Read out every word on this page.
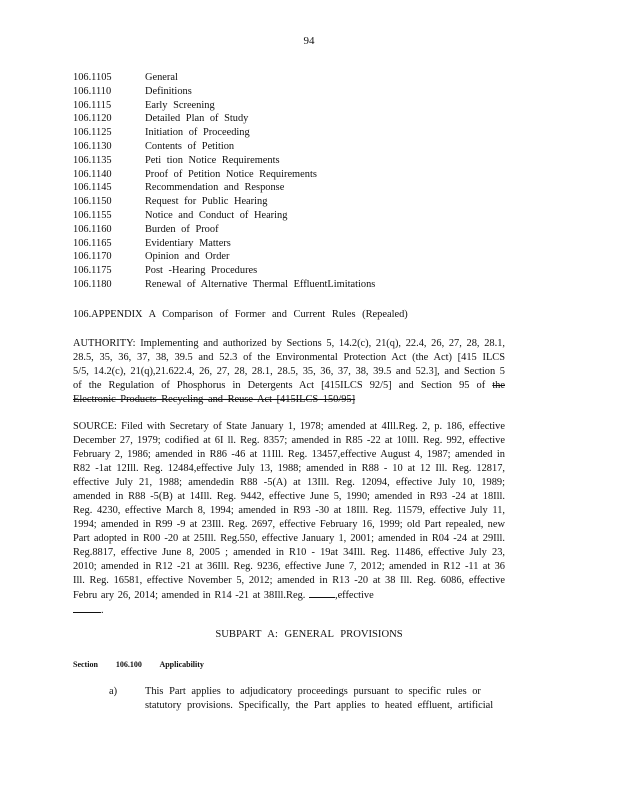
94
106.1105	General
106.1110	Definitions
106.1115	Early Screening
106.1120	Detailed Plan of Study
106.1125	Initiation of Proceeding
106.1130	Contents of Petition
106.1135	Peti tion Notice Requirements
106.1140	Proof of Petition Notice Requirements
106.1145	Recommendation and Response
106.1150	Request for Public Hearing
106.1155	Notice and Conduct of Hearing
106.1160	Burden of Proof
106.1165	Evidentiary Matters
106.1170	Opinion and Order
106.1175	Post -Hearing Procedures
106.1180	Renewal of Alternative Thermal EffluentLimitations
106.APPENDIX A Comparison of Former and Current Rules (Repealed)
AUTHORITY: Implementing and authorized by Sections 5, 14.2(c), 21(q), 22.4, 26, 27, 28, 28.1, 28.5, 35, 36, 37, 38, 39.5 and 52.3 of the Environmental Protection Act (the Act) [415 ILCS 5/5, 14.2(c), 21(q),21.622.4, 26, 27, 28, 28.1, 28.5, 35, 36, 37, 38, 39.5 and 52.3], and Section 5 of the Regulation of Phosphorus in Detergents Act [415ILCS 92/5] and Section 95 of the Electronic Products Recycling and Reuse Act [415ILCS 150/95]
SOURCE: Filed with Secretary of State January 1, 1978; amended at 4Ill.Reg. 2, p. 186, effective December 27, 1979; codified at 6I ll. Reg. 8357; amended in R85 -22 at 10Ill. Reg. 992, effective February 2, 1986; amended in R86 -46 at 11Ill. Reg. 13457,effective August 4, 1987; amended in R82 -1at 12Ill. Reg. 12484,effective July 13, 1988; amended in R88 - 10 at 12 Ill. Reg. 12817, effective July 21, 1988; amendedin R88 -5(A) at 13Ill. Reg. 12094, effective July 10, 1989; amended in R88 -5(B) at 14Ill. Reg. 9442, effective June 5, 1990; amended in R93 -24 at 18Ill. Reg. 4230, effective March 8, 1994; amended in R93 -30 at 18Ill. Reg. 11579, effective July 11, 1994; amended in R99 -9 at 23Ill. Reg. 2697, effective February 16, 1999; old Part repealed, new Part adopted in R00 -20 at 25Ill. Reg.550, effective January 1, 2001; amended in R04 -24 at 29Ill. Reg.8817, effective June 8, 2005 ; amended in R10 - 19at 34Ill. Reg. 11486, effective July 23, 2010; amended in R12 -21 at 36Ill. Reg. 9236, effective June 7, 2012; amended in R12 -11 at 36 Ill. Reg. 16581, effective November 5, 2012; amended in R13 -20 at 38 Ill. Reg. 6086, effective Febru ary 26, 2014; amended in R14 -21 at 38Ill.Reg.	,effective
.
SUBPART A: GENERAL PROVISIONS
Section 106.100 Applicability
a)	This Part applies to adjudicatory proceedings pursuant to specific rules or statutory provisions. Specifically, the Part applies to heated effluent, artificial
